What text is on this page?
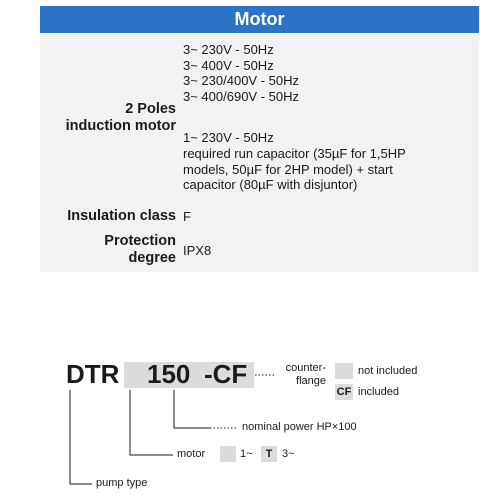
Motor
2 Poles
induction motor
3~ 230V - 50Hz
3~ 400V - 50Hz
3~ 230/400V - 50Hz
3~ 400/690V - 50Hz
1~ 230V - 50Hz
required run capacitor (35µF for 1,5HP
models, 50µF for 2HP model) + start
capacitor (80µF with disjuntor)
Insulation class F
Protection
degree IPX8
DTR 150 -CF	counter-
flange
not included
CF included
nominal power HP×100
motor	1~	T 3~
pump type
